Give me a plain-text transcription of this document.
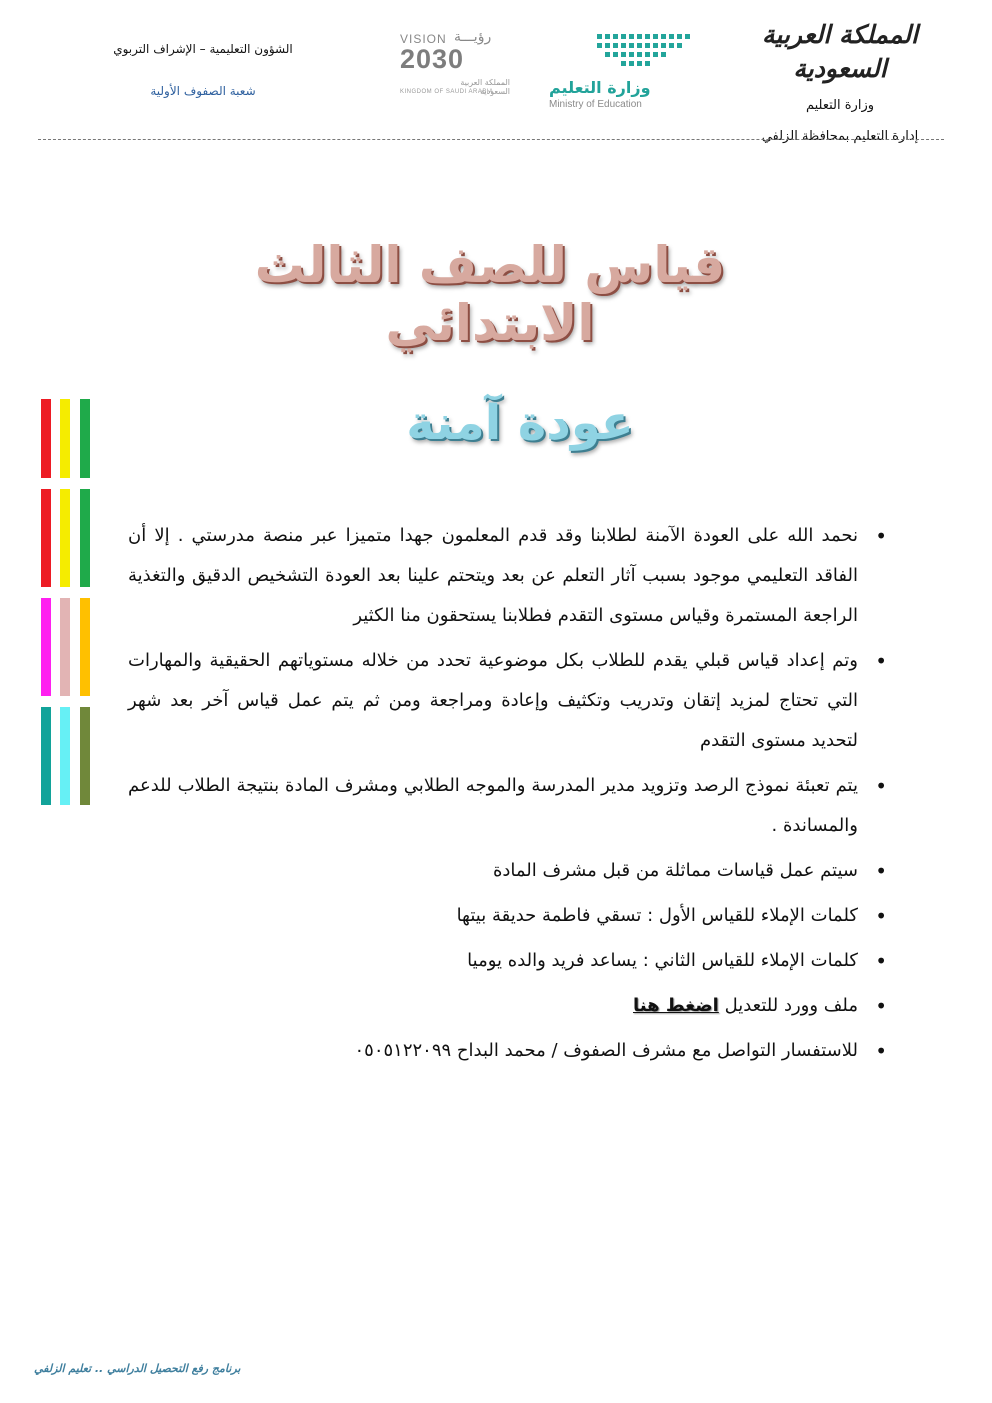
المملكة العربية السعودية
وزارة التعليم
إدارة التعليم بمحافظة الزلفي
وزارة التعليم
Ministry of Education
VISION رؤيـــة
2030
المملكة العربية السعودية
KINGDOM OF SAUDI ARABIA
الشؤون التعليمية – الإشراف التربوي
شعبة الصفوف الأولية
قياس للصف الثالث الابتدائي
عودة آمنة
• نحمد الله على العودة الآمنة لطلابنا وقد قدم المعلمون جهدا متميزا عبر منصة مدرستي . إلا أن الفاقد التعليمي موجود بسبب آثار التعلم عن بعد ويتحتم علينا بعد العودة التشخيص الدقيق والتغذية الراجعة المستمرة وقياس مستوى التقدم فطلابنا يستحقون منا الكثير
• وتم إعداد قياس قبلي يقدم للطلاب بكل موضوعية تحدد من خلاله مستوياتهم الحقيقية والمهارات التي تحتاج لمزيد إتقان وتدريب وتكثيف وإعادة ومراجعة ومن ثم يتم عمل قياس آخر بعد شهر لتحديد مستوى التقدم
• يتم تعبئة نموذج الرصد وتزويد مدير المدرسة والموجه الطلابي ومشرف المادة بنتيجة الطلاب للدعم والمساندة .
• سيتم عمل قياسات مماثلة من قبل مشرف المادة
• كلمات الإملاء للقياس الأول : تسقي فاطمة حديقة بيتها
• كلمات الإملاء للقياس الثاني : يساعد فريد والده يوميا
• ملف وورد للتعديل اضغط هنا
• للاستفسار التواصل مع مشرف الصفوف / محمد البداح ٠٥٠٥١٢٢٠٩٩
برنامج رفع التحصيل الدراسي .. تعليم الزلفي
